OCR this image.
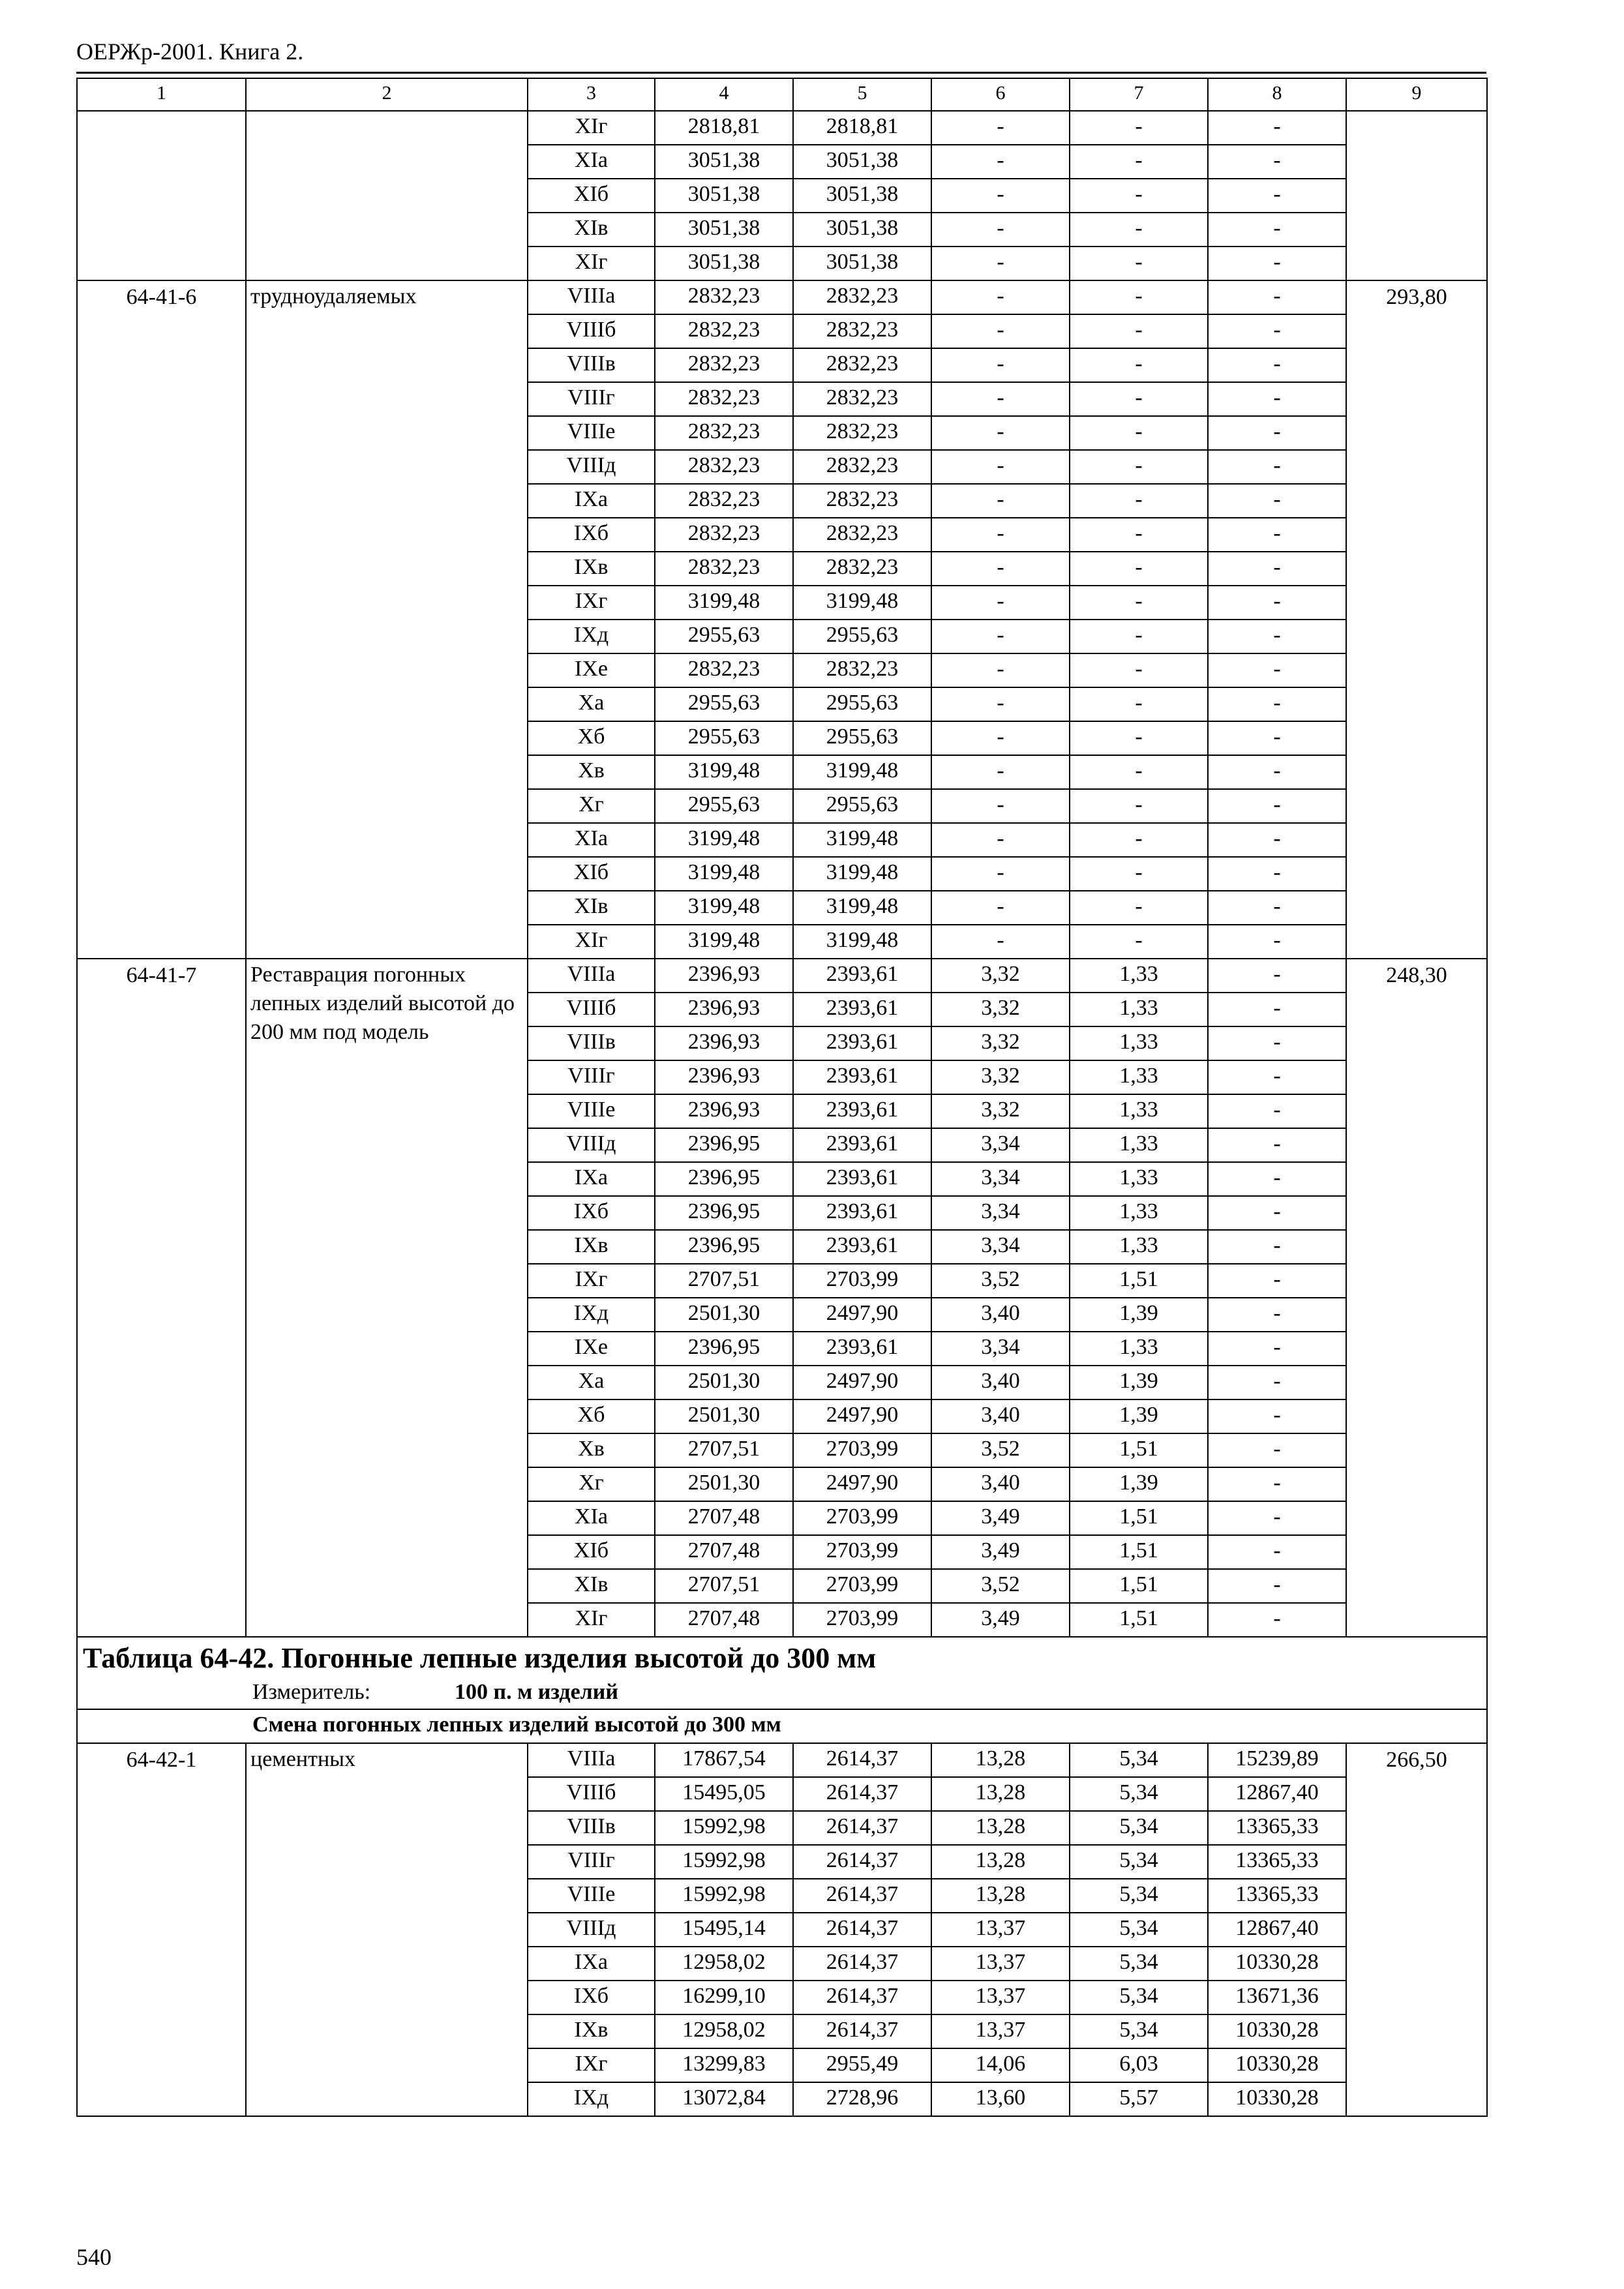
ОЕРЖр-2001. Книга 2.
1	2	3	4	5	6	7	8	9
		XIг	2818,81	2818,81	-	-	-	
		XIа	3051,38	3051,38	-	-	-	
		XIб	3051,38	3051,38	-	-	-	
		XIв	3051,38	3051,38	-	-	-	
		XIг	3051,38	3051,38	-	-	-	
64-41-6	трудноудаляемых	VIIIа	2832,23	2832,23	-	-	-	293,80
		VIIIб	2832,23	2832,23	-	-	-	
		VIIIв	2832,23	2832,23	-	-	-	
		VIIIг	2832,23	2832,23	-	-	-	
		VIIIе	2832,23	2832,23	-	-	-	
		VIIIд	2832,23	2832,23	-	-	-	
		IXа	2832,23	2832,23	-	-	-	
		IXб	2832,23	2832,23	-	-	-	
		IXв	2832,23	2832,23	-	-	-	
		IXг	3199,48	3199,48	-	-	-	
		IXд	2955,63	2955,63	-	-	-	
		IXе	2832,23	2832,23	-	-	-	
		Xа	2955,63	2955,63	-	-	-	
		Xб	2955,63	2955,63	-	-	-	
		Xв	3199,48	3199,48	-	-	-	
		Xг	2955,63	2955,63	-	-	-	
		XIа	3199,48	3199,48	-	-	-	
		XIб	3199,48	3199,48	-	-	-	
		XIв	3199,48	3199,48	-	-	-	
		XIг	3199,48	3199,48	-	-	-	
64-41-7	Реставрация погонных лепных изделий высотой до 200 мм под модель	VIIIа	2396,93	2393,61	3,32	1,33	-	248,30
		VIIIб	2396,93	2393,61	3,32	1,33	-	
		VIIIв	2396,93	2393,61	3,32	1,33	-	
		VIIIг	2396,93	2393,61	3,32	1,33	-	
		VIIIе	2396,93	2393,61	3,32	1,33	-	
		VIIIд	2396,95	2393,61	3,34	1,33	-	
		IXа	2396,95	2393,61	3,34	1,33	-	
		IXб	2396,95	2393,61	3,34	1,33	-	
		IXв	2396,95	2393,61	3,34	1,33	-	
		IXг	2707,51	2703,99	3,52	1,51	-	
		IXд	2501,30	2497,90	3,40	1,39	-	
		IXе	2396,95	2393,61	3,34	1,33	-	
		Xа	2501,30	2497,90	3,40	1,39	-	
		Xб	2501,30	2497,90	3,40	1,39	-	
		Xв	2707,51	2703,99	3,52	1,51	-	
		Xг	2501,30	2497,90	3,40	1,39	-	
		XIа	2707,48	2703,99	3,49	1,51	-	
		XIб	2707,48	2703,99	3,49	1,51	-	
		XIв	2707,51	2703,99	3,52	1,51	-	
		XIг	2707,48	2703,99	3,49	1,51	-	

Таблица 64-42. Погонные лепные изделия высотой до 300 мм
Измеритель: 100 п. м изделий								

Смена погонных лепных изделий высотой до 300 мм								
64-42-1	цементных	VIIIа	17867,54	2614,37	13,28	5,34	15239,89	266,50
		VIIIб	15495,05	2614,37	13,28	5,34	12867,40	
		VIIIв	15992,98	2614,37	13,28	5,34	13365,33	
		VIIIг	15992,98	2614,37	13,28	5,34	13365,33	
		VIIIе	15992,98	2614,37	13,28	5,34	13365,33	
		VIIIд	15495,14	2614,37	13,37	5,34	12867,40	
		IXа	12958,02	2614,37	13,37	5,34	10330,28	
		IXб	16299,10	2614,37	13,37	5,34	13671,36	
		IXв	12958,02	2614,37	13,37	5,34	10330,28	
		IXг	13299,83	2955,49	14,06	6,03	10330,28	
		IXд	13072,84	2728,96	13,60	5,57	10330,28	
540
